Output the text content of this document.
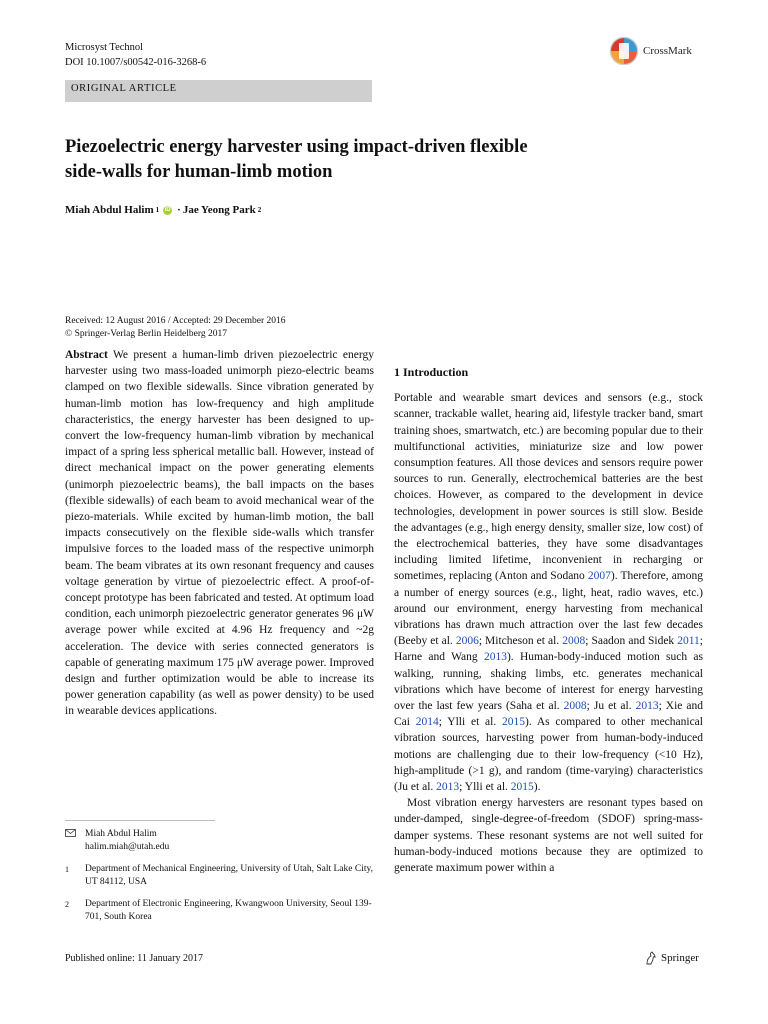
Microsyst Technol
DOI 10.1007/s00542-016-3268-6
CrossMark
ORIGINAL ARTICLE
Piezoelectric energy harvester using impact-driven flexible
side-walls for human-limb motion
Miah Abdul Halim 1 iD · Jae Yeong Park 2
Received: 12 August 2016 / Accepted: 29 December 2016
© Springer-Verlag Berlin Heidelberg 2017
Abstract We present a human-limb driven piezoelectric energy harvester using two mass-loaded unimorph piezo-electric beams clamped on two flexible sidewalls. Since vibration generated by human-limb motion has low-frequency and high amplitude characteristics, the energy harvester has been designed to up-convert the low-frequency human-limb vibration by mechanical impact of a spring less spherical metallic ball. However, instead of direct mechanical impact on the power generating elements (unimorph piezoelectric beams), the ball impacts on the bases (flexible sidewalls) of each beam to avoid mechanical wear of the piezo-materials. While excited by human-limb motion, the ball impacts consecutively on the flexible side-walls which transfer impulsive forces to the loaded mass of the respective unimorph beam. The beam vibrates at its own resonant frequency and causes voltage generation by virtue of piezoelectric effect. A proof-of-concept prototype has been fabricated and tested. At optimum load condition, each unimorph piezoelectric generator generates 96 μW average power while excited at 4.96 Hz frequency and ~2g acceleration. The device with series connected generators is capable of generating maximum 175 μW average power. Improved design and further optimization would be able to increase its power generation capability (as well as power density) to be used in wearable devices applications.
1 Introduction

Portable and wearable smart devices and sensors (e.g., stock scanner, trackable wallet, hearing aid, lifestyle tracker band, smart training shoes, smartwatch, etc.) are becoming popular due to their multifunctional activities, miniaturize size and low power consumption features. All those devices and sensors require power sources to run. Generally, electrochemical batteries are the best choices. However, as compared to the development in device technologies, development in power sources is still slow. Beside the advantages (e.g., high energy density, smaller size, low cost) of the electrochemical batteries, they have some disadvantages including limited lifetime, inconvenient in recharging or sometimes, replacing (Anton and Sodano 2007). Therefore, among a number of energy sources (e.g., light, heat, radio waves, etc.) around our environment, energy harvesting from mechanical vibrations has drawn much attraction over the last few decades (Beeby et al. 2006; Mitcheson et al. 2008; Saadon and Sidek 2011; Harne and Wang 2013). Human-body-induced motion such as walking, running, shaking limbs, etc. generates mechanical vibrations which have become of interest for energy harvesting over the last few years (Saha et al. 2008; Ju et al. 2013; Xie and Cai 2014; Ylli et al. 2015). As compared to other mechanical vibration sources, harvesting power from human-body-induced motions are challenging due to their low-frequency (<10 Hz), high-amplitude (>1 g), and random (time-varying) characteristics (Ju et al. 2013; Ylli et al. 2015).

Most vibration energy harvesters are resonant types based on under-damped, single-degree-of-freedom (SDOF) spring-mass-damper systems. These resonant systems are not well suited for human-body-induced motions because they are optimized to generate maximum power within a

Miah Abdul Halim
halim.miah@utah.edu
1	Department of Mechanical Engineering, University of Utah, Salt Lake City, UT 84112, USA
2	Department of Electronic Engineering, Kwangwoon University, Seoul 139-701, South Korea
Published online: 11 January 2017	Springer
